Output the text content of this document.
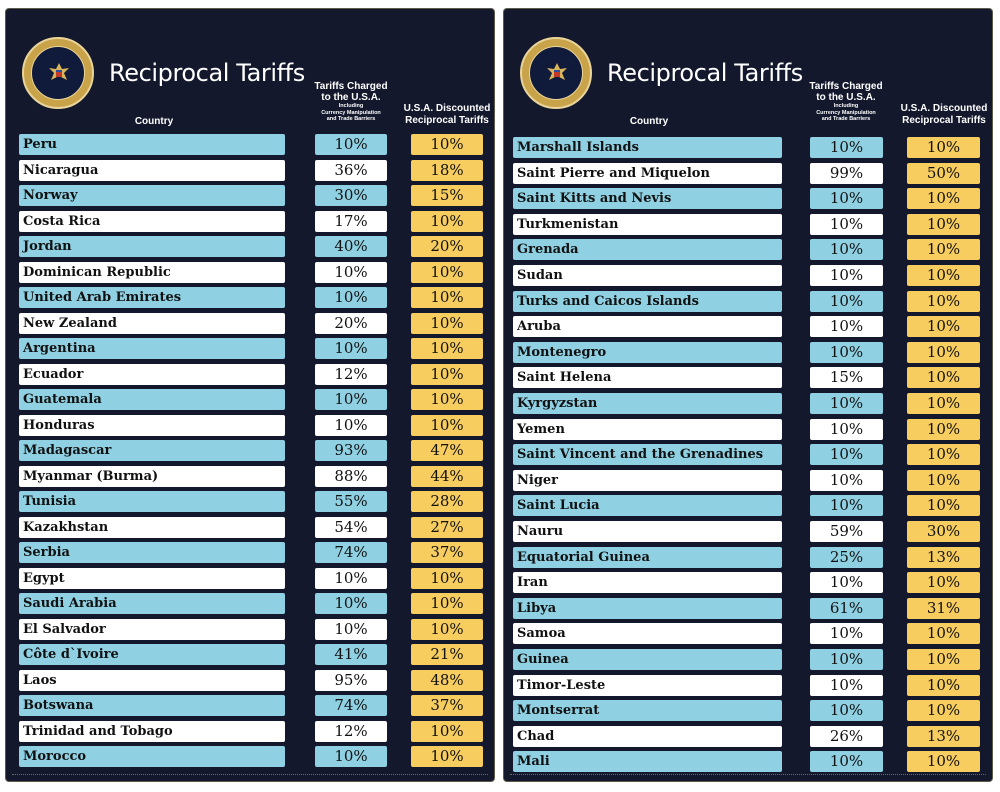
Reciprocal Tariffs
Country
Tariffs Charged
to the U.S.A.
Including
Currency Manipulation
and Trade Barriers
U.S.A. Discounted
Reciprocal Tariffs
Peru	10%	10%
Nicaragua	36%	18%
Norway	30%	15%
Costa Rica	17%	10%
Jordan	40%	20%
Dominican Republic	10%	10%
United Arab Emirates	10%	10%
New Zealand	20%	10%
Argentina	10%	10%
Ecuador	12%	10%
Guatemala	10%	10%
Honduras	10%	10%
Madagascar	93%	47%
Myanmar (Burma)	88%	44%
Tunisia	55%	28%
Kazakhstan	54%	27%
Serbia	74%	37%
Egypt	10%	10%
Saudi Arabia	10%	10%
El Salvador	10%	10%
Côte d`Ivoire	41%	21%
Laos	95%	48%
Botswana	74%	37%
Trinidad and Tobago	12%	10%
Morocco	10%	10%
Reciprocal Tariffs
Country
Tariffs Charged
to the U.S.A.
Including
Currency Manipulation
and Trade Barriers
U.S.A. Discounted
Reciprocal Tariffs
Marshall Islands	10%	10%
Saint Pierre and Miquelon	99%	50%
Saint Kitts and Nevis	10%	10%
Turkmenistan	10%	10%
Grenada	10%	10%
Sudan	10%	10%
Turks and Caicos Islands	10%	10%
Aruba	10%	10%
Montenegro	10%	10%
Saint Helena	15%	10%
Kyrgyzstan	10%	10%
Yemen	10%	10%
Saint Vincent and the Grenadines	10%	10%
Niger	10%	10%
Saint Lucia	10%	10%
Nauru	59%	30%
Equatorial Guinea	25%	13%
Iran	10%	10%
Libya	61%	31%
Samoa	10%	10%
Guinea	10%	10%
Timor-Leste	10%	10%
Montserrat	10%	10%
Chad	26%	13%
Mali	10%	10%
